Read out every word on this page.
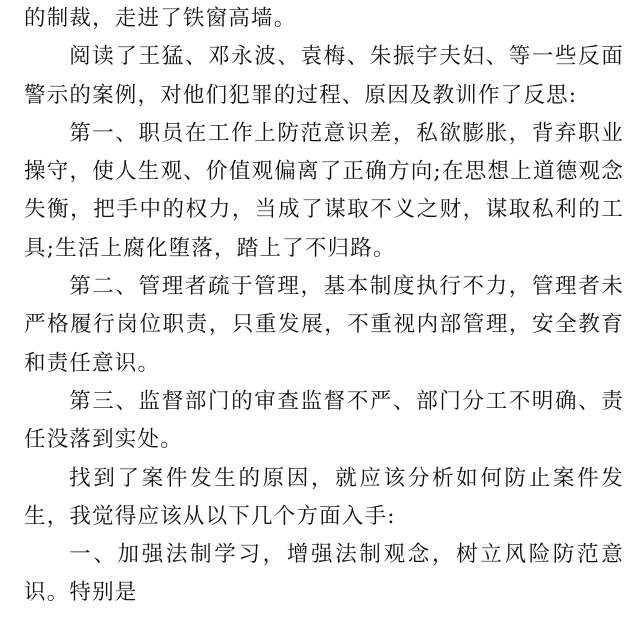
的制裁，走进了铁窗高墙。

阅读了王猛、邓永波、袁梅、朱振宇夫妇、等一些反面警示的案例，对他们犯罪的过程、原因及教训作了反思:

第一、职员在工作上防范意识差，私欲膨胀，背弃职业操守，使人生观、价值观偏离了正确方向;在思想上道德观念失衡，把手中的权力，当成了谋取不义之财，谋取私利的工具;生活上腐化堕落，踏上了不归路。

第二、管理者疏于管理，基本制度执行不力，管理者未严格履行岗位职责，只重发展，不重视内部管理，安全教育和责任意识。

第三、监督部门的审查监督不严、部门分工不明确、责任没落到实处。

找到了案件发生的原因，就应该分析如何防止案件发生，我觉得应该从以下几个方面入手:

一、加强法制学习，增强法制观念，树立风险防范意识。特别是
